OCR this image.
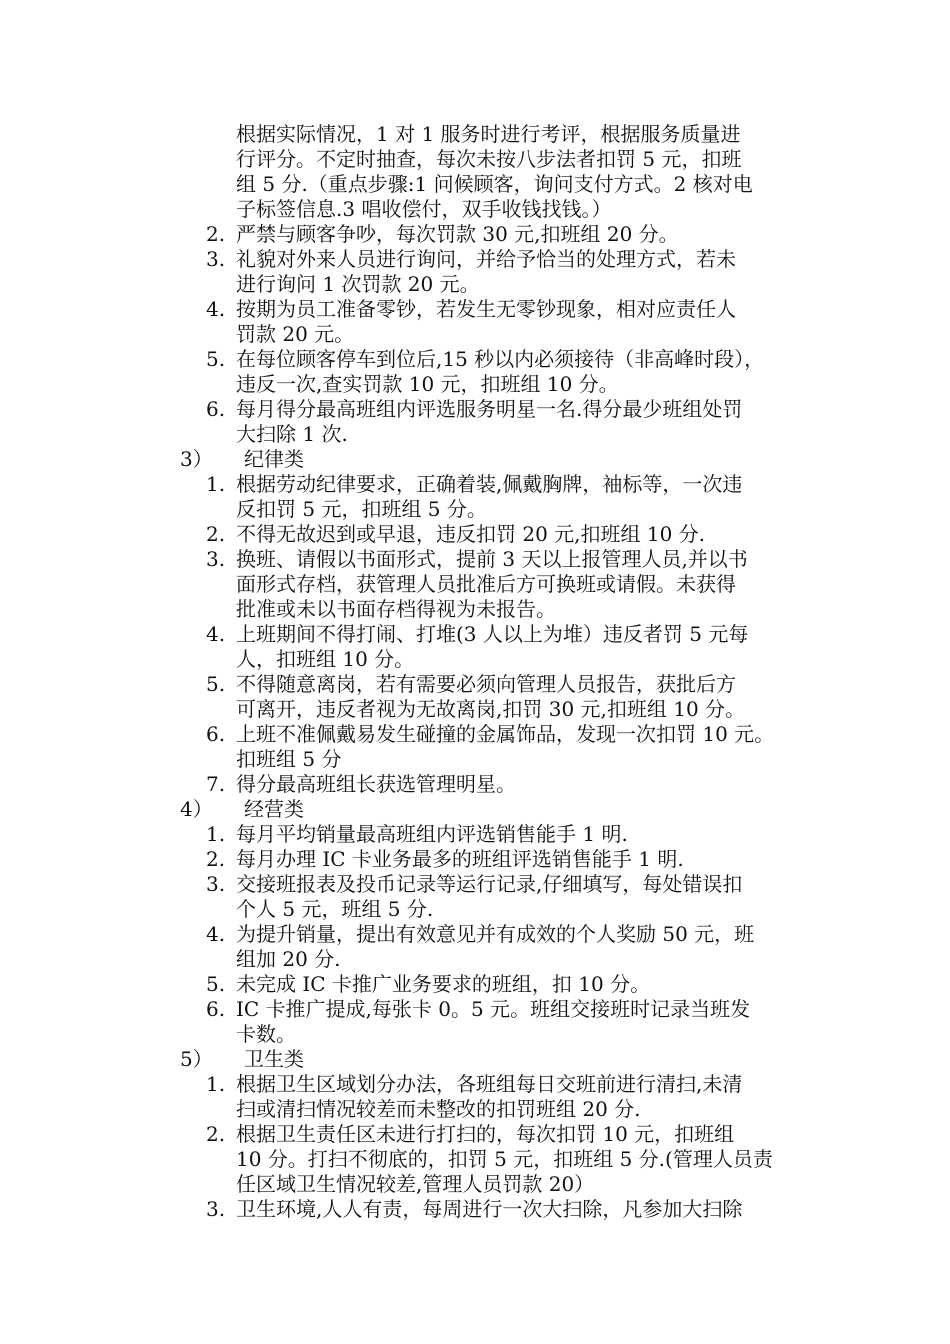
根据实际情况，1 对 1 服务时进行考评，根据服务质量进
行评分。不定时抽查，每次未按八步法者扣罚 5 元，扣班
组 5 分.（重点步骤:1 问候顾客，询问支付方式。2 核对电
子标签信息.3 唱收偿付，双手收钱找钱。）
2. 严禁与顾客争吵，每次罚款 30 元,扣班组 20 分。
3. 礼貌对外来人员进行询问，并给予恰当的处理方式，若未
进行询问 1 次罚款 20 元。
4. 按期为员工准备零钞，若发生无零钞现象，相对应责任人
罚款 20 元。
5. 在每位顾客停车到位后,15 秒以内必须接待（非高峰时段），
违反一次,查实罚款 10 元，扣班组 10 分。
6. 每月得分最高班组内评选服务明星一名.得分最少班组处罚
大扫除 1 次.
3） 纪律类
1. 根据劳动纪律要求，正确着装,佩戴胸牌，袖标等，一次违
反扣罚 5 元，扣班组 5 分。
2. 不得无故迟到或早退，违反扣罚 20 元,扣班组 10 分.
3. 换班、请假以书面形式，提前 3 天以上报管理人员,并以书
面形式存档，获管理人员批准后方可换班或请假。未获得
批准或未以书面存档得视为未报告。
4. 上班期间不得打闹、打堆(3 人以上为堆）违反者罚 5 元每
人，扣班组 10 分。
5. 不得随意离岗，若有需要必须向管理人员报告，获批后方
可离开，违反者视为无故离岗,扣罚 30 元,扣班组 10 分。
6. 上班不准佩戴易发生碰撞的金属饰品，发现一次扣罚 10 元。
扣班组 5 分
7. 得分最高班组长获选管理明星。
4） 经营类
1. 每月平均销量最高班组内评选销售能手 1 明.
2. 每月办理 IC 卡业务最多的班组评选销售能手 1 明.
3. 交接班报表及投币记录等运行记录,仔细填写，每处错误扣
个人 5 元，班组 5 分.
4. 为提升销量，提出有效意见并有成效的个人奖励 50 元，班
组加 20 分.
5. 未完成 IC 卡推广业务要求的班组，扣 10 分。
6. IC 卡推广提成,每张卡 0。5 元。班组交接班时记录当班发
卡数。
5） 卫生类
1. 根据卫生区域划分办法，各班组每日交班前进行清扫,未清
扫或清扫情况较差而未整改的扣罚班组 20 分.
2. 根据卫生责任区未进行打扫的，每次扣罚 10 元，扣班组
10 分。打扫不彻底的，扣罚 5 元，扣班组 5 分.(管理人员责
任区域卫生情况较差,管理人员罚款 20）
3. 卫生环境,人人有责，每周进行一次大扫除，凡参加大扫除
